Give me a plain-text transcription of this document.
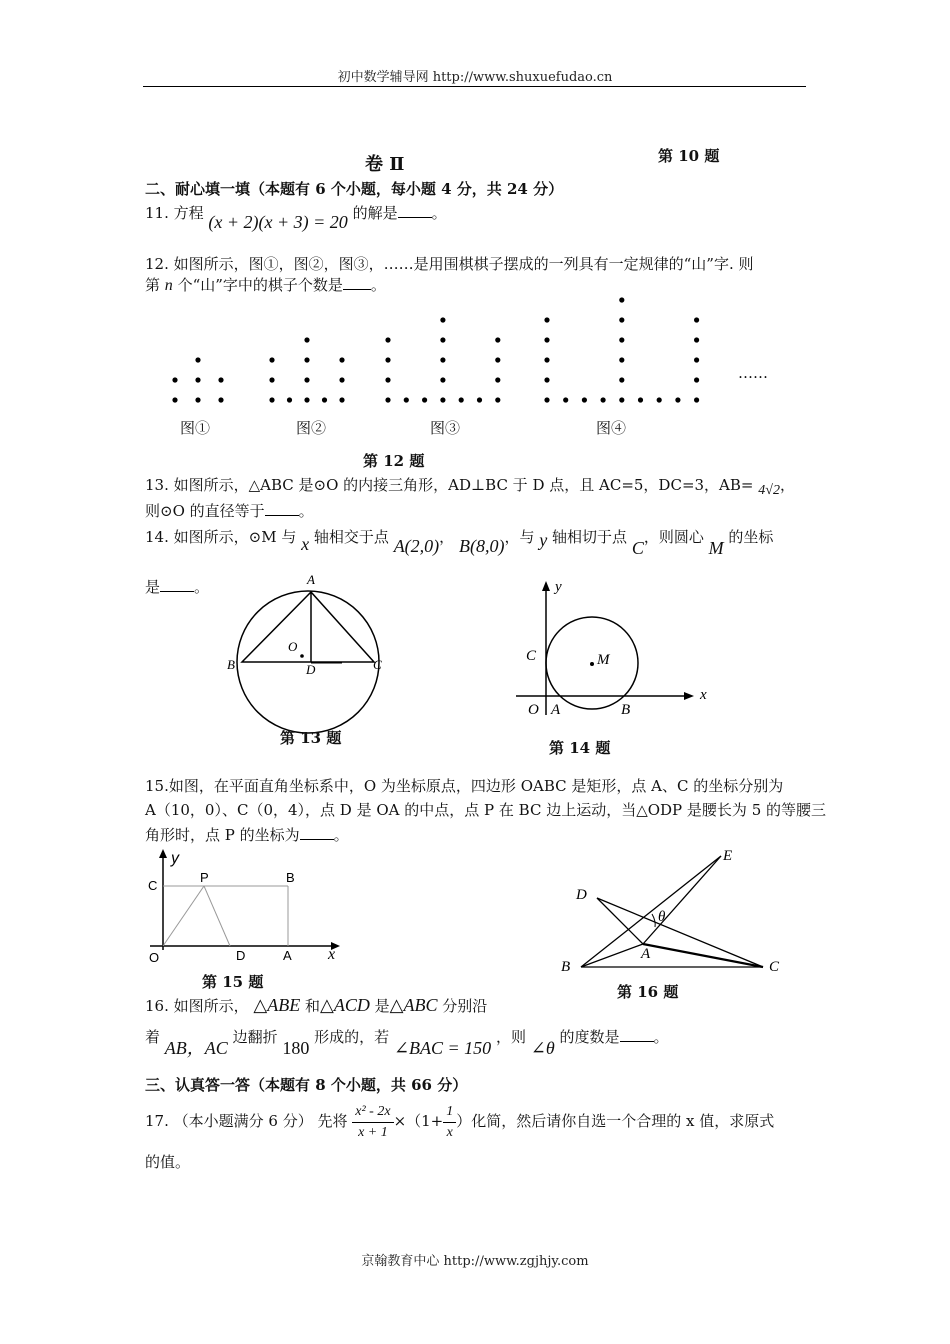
初中数学辅导网 http://www.shuxuefudao.cn
卷 Ⅱ	第 10 题
二、耐心填一填（本题有 6 个小题，每小题 4 分，共 24 分）
11. 方程 (x + 2)(x + 3) = 20 的解是 。
12. 如图所示，图①，图②，图③，……是用围棋棋子摆成的一列具有一定规律的“山”字. 则
第 n 个“山”字中的棋子个数是 。
图①	图②	图③	图④
……
第 12 题
13. 如图所示，△ABC 是⊙O 的内接三角形，AD⊥BC 于 D 点，且 AC=5，DC=3，AB= 4√2，
则⊙O 的直径等于 。
14. 如图所示，⊙M 与 x 轴相交于点 A(2,0)， B(8,0)，与 y 轴相切于点 C，则圆心 M 的坐标
是 。	A
B	C
O
D
第 13 题
y
x
C	M
O A	B
第 14 题
15.如图，在平面直角坐标系中，O 为坐标原点，四边形 OABC 是矩形，点 A、C 的坐标分别为
A（10，0）、C（0，4），点 D 是 OA 的中点，点 P 在 BC 边上运动，当△ODP 是腰长为 5 的等腰三
角形时，点 P 的坐标为 。
y
C
P	B
O	D	A x
第 15 题
E
D
θ
A
B	C
第 16 题
16. 如图所示， △ABE 和△ACD 是△ABC 分别沿
着 AB，AC 边翻折 180 形成的，若 ∠BAC = 150 ，则 ∠θ 的度数是 。
三、认真答一答（本题有 8 个小题，共 66 分）
17. （本小题满分 6 分） 先将 $\frac{\text{x² - 2x}}{x + 1} \times(1+ \frac{1}{x}$ ）化简，然后请你自选一个合理的 x 值，求原式
的值。
京翰教育中心 http://www.zgjhjy.com
